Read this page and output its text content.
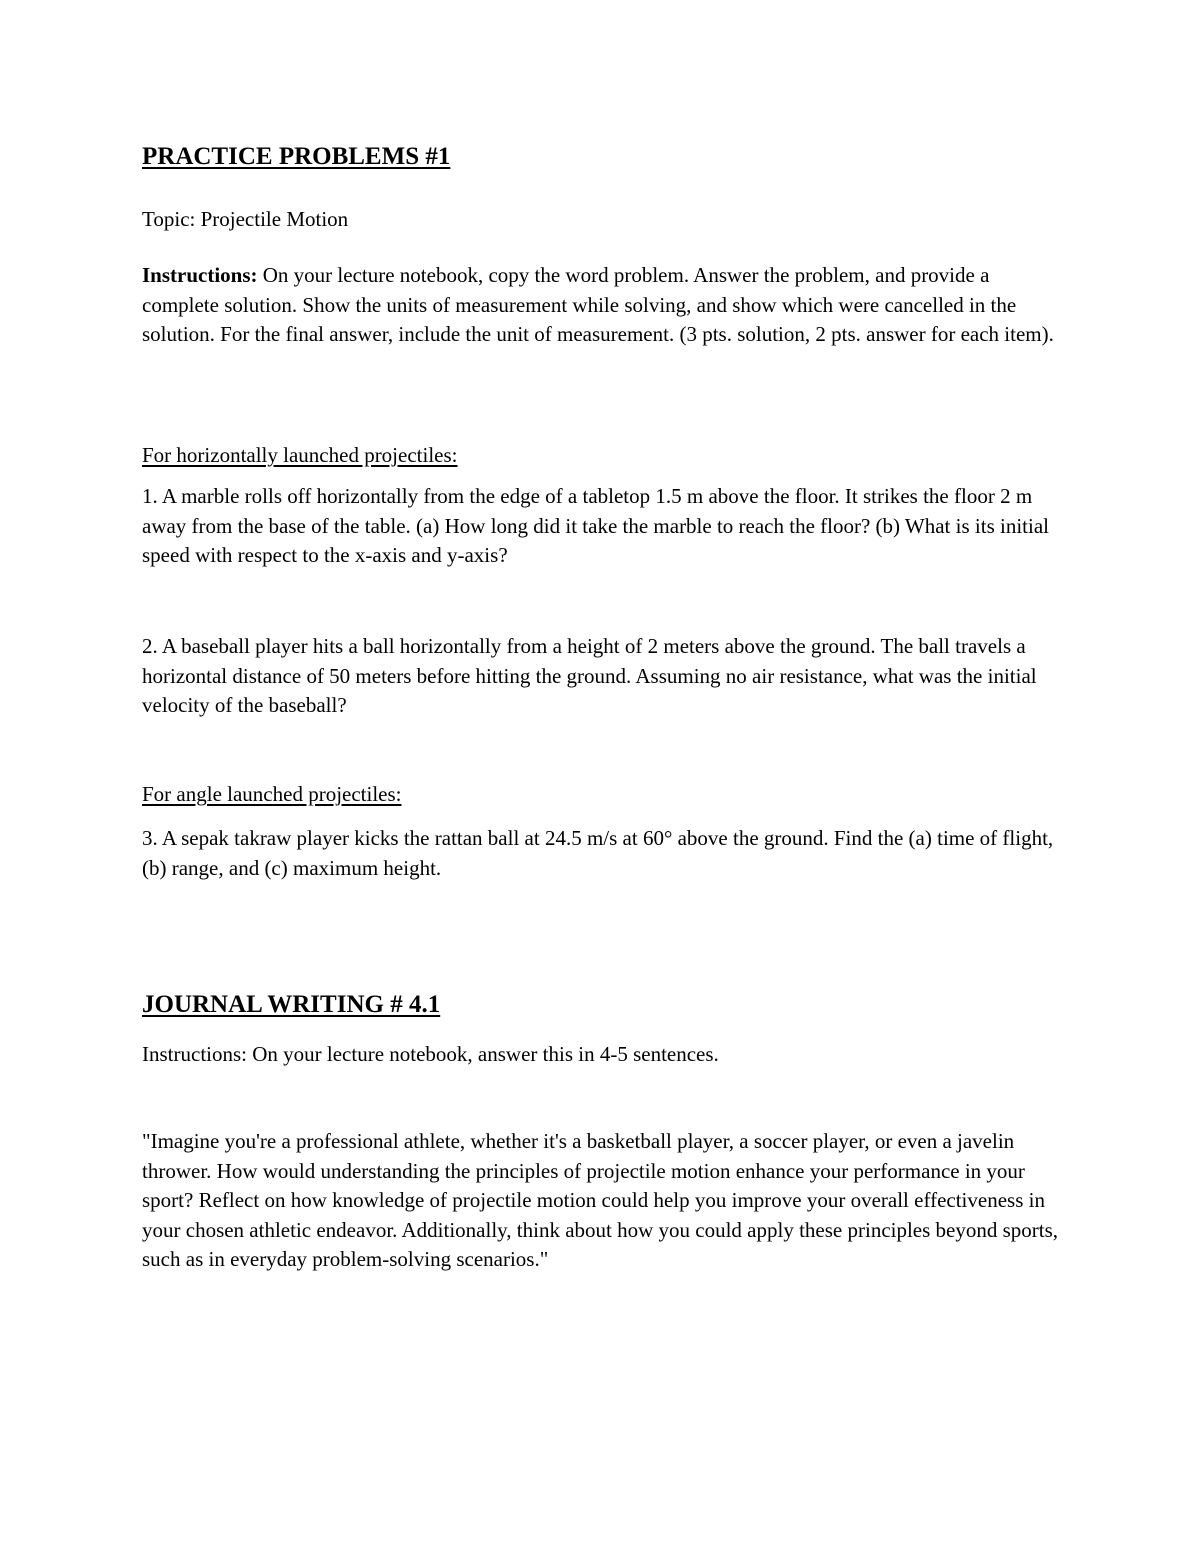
PRACTICE PROBLEMS #1
Topic: Projectile Motion
Instructions: On your lecture notebook, copy the word problem. Answer the problem, and provide a complete solution. Show the units of measurement while solving, and show which were cancelled in the solution. For the final answer, include the unit of measurement. (3 pts. solution, 2 pts. answer for each item).
For horizontally launched projectiles:
1. A marble rolls off horizontally from the edge of a tabletop 1.5 m above the floor. It strikes the floor 2 m away from the base of the table. (a) How long did it take the marble to reach the floor? (b) What is its initial speed with respect to the x-axis and y-axis?
2. A baseball player hits a ball horizontally from a height of 2 meters above the ground. The ball travels a horizontal distance of 50 meters before hitting the ground. Assuming no air resistance, what was the initial velocity of the baseball?
For angle launched projectiles:
3. A sepak takraw player kicks the rattan ball at 24.5 m/s at 60° above the ground. Find the (a) time of flight, (b) range, and (c) maximum height.
JOURNAL WRITING # 4.1
Instructions: On your lecture notebook, answer this in 4-5 sentences.
"Imagine you're a professional athlete, whether it's a basketball player, a soccer player, or even a javelin thrower. How would understanding the principles of projectile motion enhance your performance in your sport? Reflect on how knowledge of projectile motion could help you improve your overall effectiveness in your chosen athletic endeavor. Additionally, think about how you could apply these principles beyond sports, such as in everyday problem-solving scenarios."
